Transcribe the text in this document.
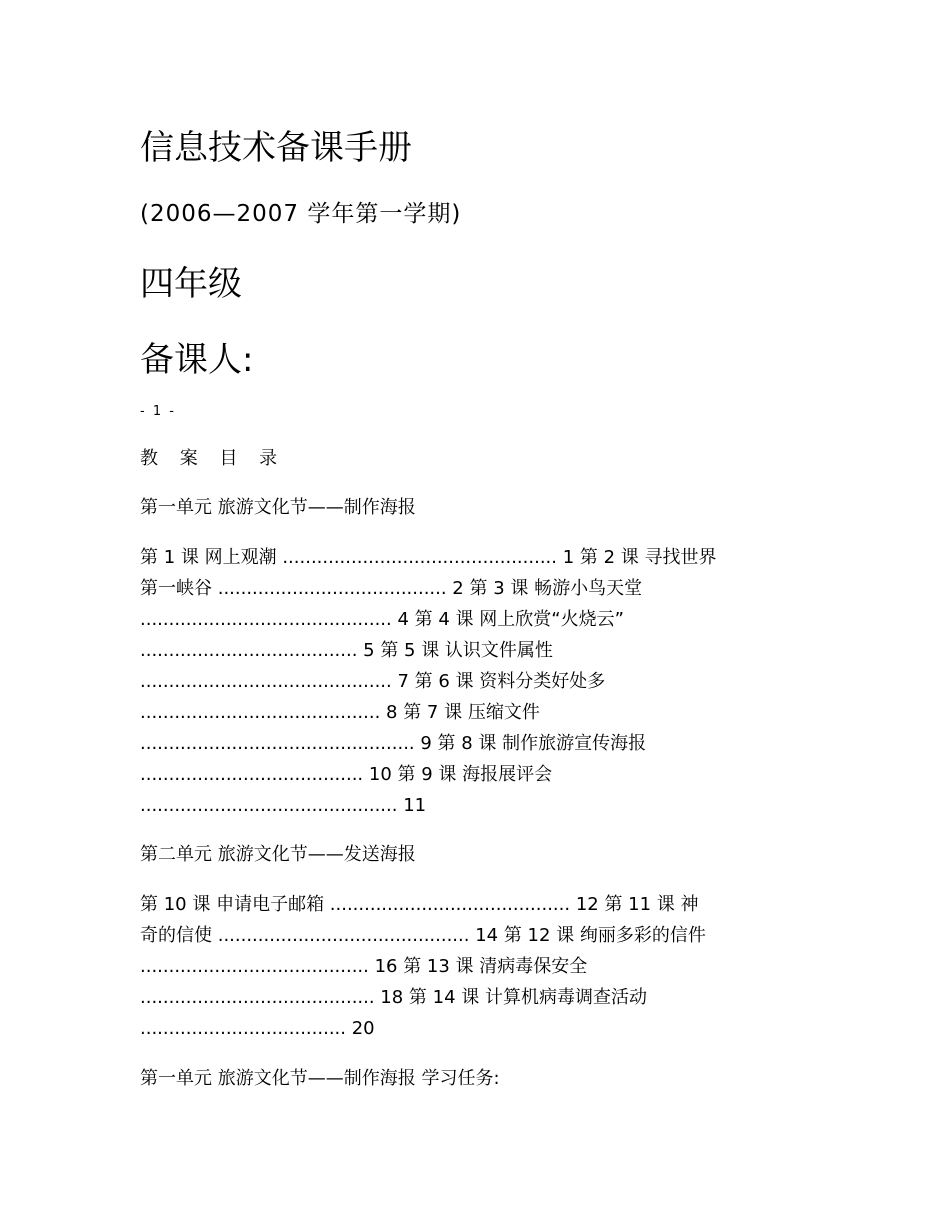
信息技术备课手册
(2006—2007 学年第一学期)
四年级
备课人:
- 1 -
教 案 目 录
第一单元 旅游文化节——制作海报
第 1 课 网上观潮 ................................................ 1 第 2 课 寻找世界
第一峡谷 ........................................ 2 第 3 课 畅游小鸟天堂
............................................ 4 第 4 课 网上欣赏“火烧云”
...................................... 5 第 5 课 认识文件属性
............................................ 7 第 6 课 资料分类好处多
.......................................... 8 第 7 课 压缩文件
................................................ 9 第 8 课 制作旅游宣传海报
....................................... 10 第 9 课 海报展评会
............................................. 11
第二单元 旅游文化节——发送海报
第 10 课 申请电子邮箱 .......................................... 12 第 11 课 神
奇的信使 ............................................ 14 第 12 课 绚丽多彩的信件
........................................ 16 第 13 课 清病毒保安全
......................................... 18 第 14 课 计算机病毒调查活动
.................................... 20
第一单元 旅游文化节——制作海报 学习任务:
